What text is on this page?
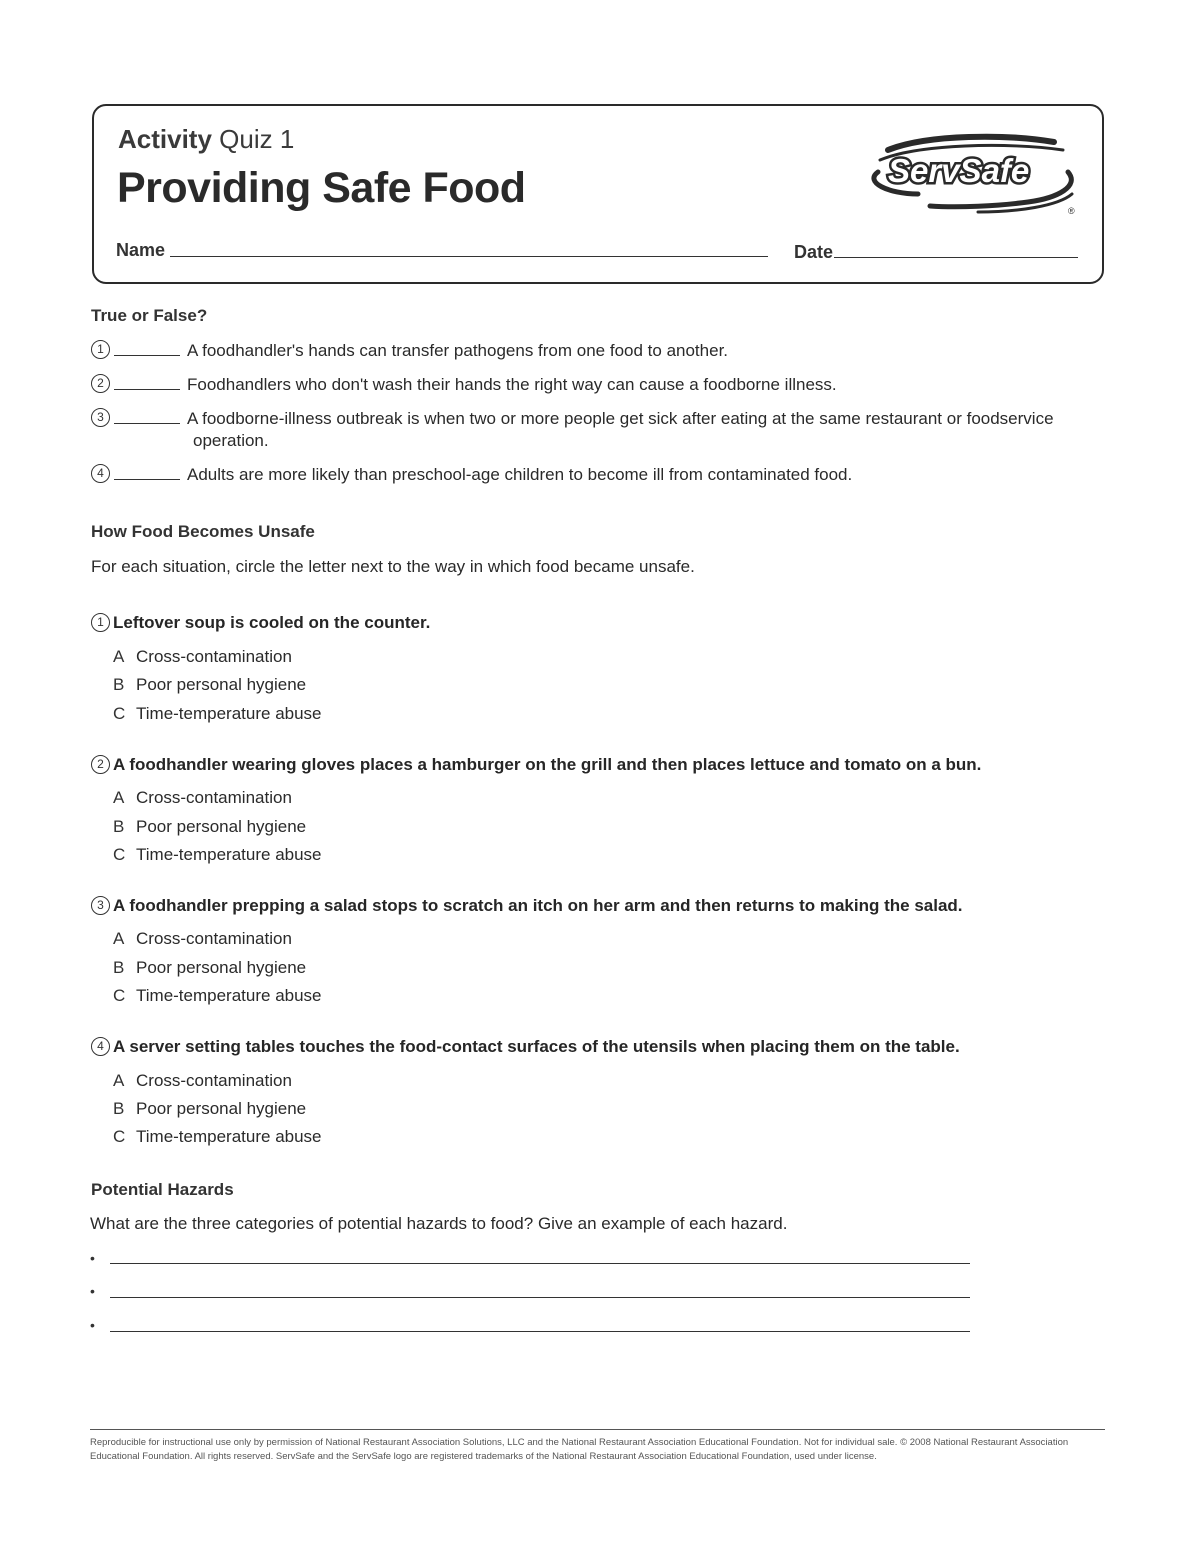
Activity Quiz 1
Providing Safe Food	ServSafe
®
Name	Date
True or False?
1	A foodhandler's hands can transfer pathogens from one food to another.
2	Foodhandlers who don't wash their hands the right way can cause a foodborne illness.
3	A foodborne-illness outbreak is when two or more people get sick after eating at the same restaurant or foodservice
operation.
4	Adults are more likely than preschool-age children to become ill from contaminated food.
How Food Becomes Unsafe
For each situation, circle the letter next to the way in which food became unsafe.
1 Leftover soup is cooled on the counter.
A Cross-contamination
B Poor personal hygiene
C Time-temperature abuse
2 A foodhandler wearing gloves places a hamburger on the grill and then places lettuce and tomato on a bun.
A Cross-contamination
B Poor personal hygiene
C Time-temperature abuse
3 A foodhandler prepping a salad stops to scratch an itch on her arm and then returns to making the salad.
A Cross-contamination
B Poor personal hygiene
C Time-temperature abuse
4 A server setting tables touches the food-contact surfaces of the utensils when placing them on the table.
A Cross-contamination
B Poor personal hygiene
C Time-temperature abuse
Potential Hazards
What are the three categories of potential hazards to food? Give an example of each hazard.
•
•
•
Reproducible for instructional use only by permission of National Restaurant Association Solutions, LLC and the National Restaurant Association Educational Foundation. Not for individual sale. © 2008 National Restaurant Association Educational Foundation. All rights reserved. ServSafe and the ServSafe logo are registered trademarks of the National Restaurant Association Educational Foundation, used under license.
